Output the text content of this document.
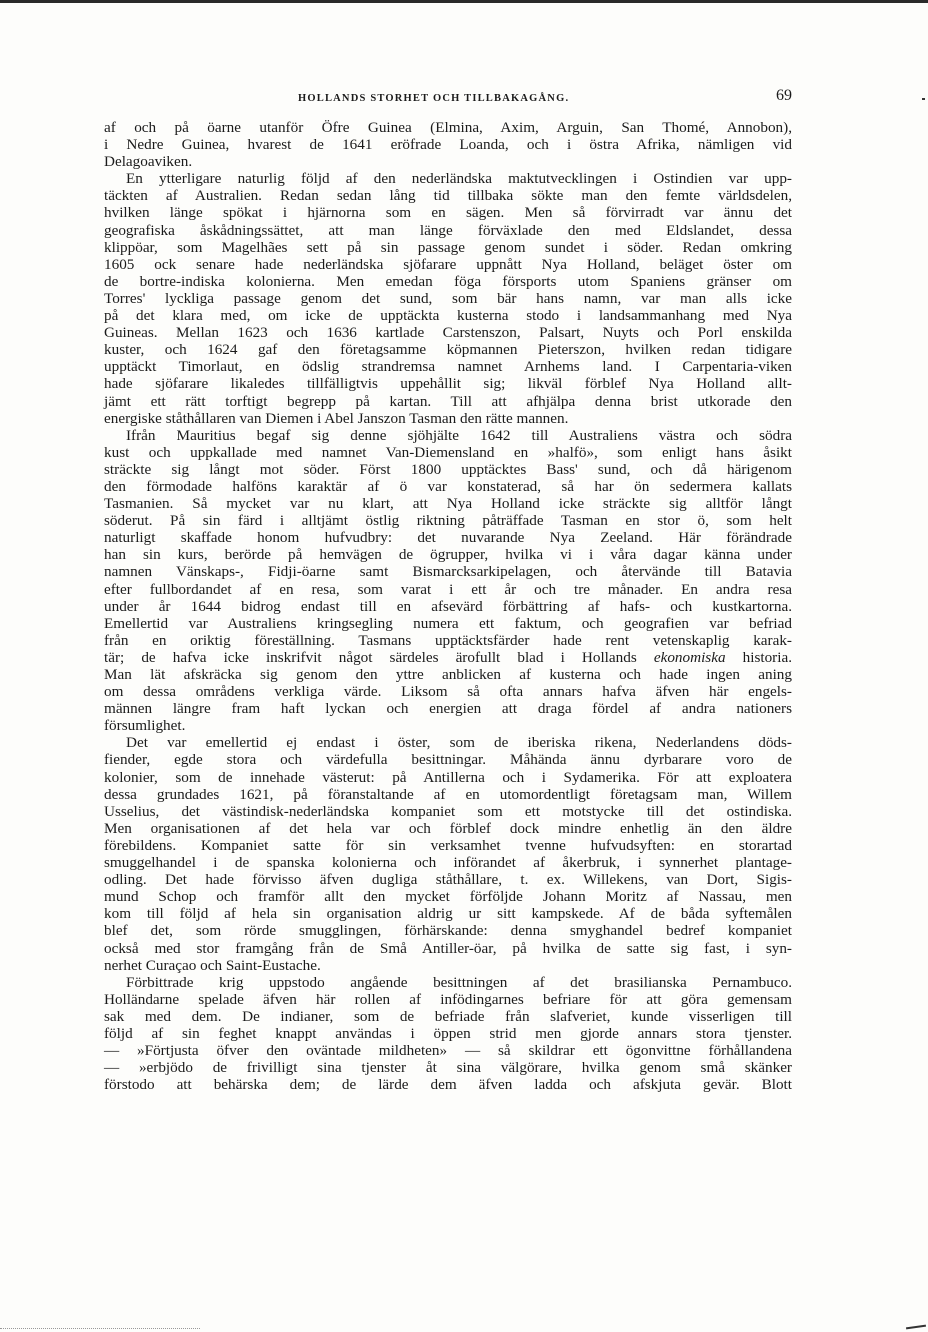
HOLLANDS STORHET OCH TILLBAKAGÅNG.	69
af och på öarne utanför Öfre Guinea (Elmina, Axim, Arguin, San Thomé, Annobon),
i Nedre Guinea, hvarest de 1641 eröfrade Loanda, och i östra Afrika, nämligen vid
Delagoaviken.
En ytterligare naturlig följd af den nederländska maktutvecklingen i Ostindien var upp-
täckten af Australien. Redan sedan lång tid tillbaka sökte man den femte världsdelen,
hvilken länge spökat i hjärnorna som en sägen. Men så förvirradt var ännu det
geografiska åskådningssättet, att man länge förväxlade den med Eldslandet, dessa
klippöar, som Magelhães sett på sin passage genom sundet i söder. Redan omkring
1605 ock senare hade nederländska sjöfarare uppnått Nya Holland, beläget öster om
de bortre-indiska kolonierna. Men emedan föga försports utom Spaniens gränser om
Torres' lyckliga passage genom det sund, som bär hans namn, var man alls icke
på det klara med, om icke de upptäckta kusterna stodo i landsammanhang med Nya
Guineas. Mellan 1623 och 1636 kartlade Carstenszon, Palsart, Nuyts och Porl enskilda
kuster, och 1624 gaf den företagsamme köpmannen Pieterszon, hvilken redan tidigare
upptäckt Timorlaut, en ödslig strandremsa namnet Arnhems land. I Carpentaria-viken
hade sjöfarare likaledes tillfälligtvis uppehållit sig; likväl förblef Nya Holland allt-
jämt ett rätt torftigt begrepp på kartan. Till att afhjälpa denna brist utkorade den
energiske ståthållaren van Diemen i Abel Janszon Tasman den rätte mannen.
Ifrån Mauritius begaf sig denne sjöhjälte 1642 till Australiens västra och södra
kust och uppkallade med namnet Van-Diemensland en »halfö», som enligt hans åsikt
sträckte sig långt mot söder. Först 1800 upptäcktes Bass' sund, och då härigenom
den förmodade halföns karaktär af ö var konstaterad, så har ön sedermera kallats
Tasmanien. Så mycket var nu klart, att Nya Holland icke sträckte sig alltför långt
söderut. På sin färd i alltjämt östlig riktning påträffade Tasman en stor ö, som helt
naturligt skaffade honom hufvudbry: det nuvarande Nya Zeeland. Här förändrade
han sin kurs, berörde på hemvägen de ögrupper, hvilka vi i våra dagar känna under
namnen Vänskaps-, Fidji-öarne samt Bismarcksarkipelagen, och återvände till Batavia
efter fullbordandet af en resa, som varat i ett år och tre månader. En andra resa
under år 1644 bidrog endast till en afsevärd förbättring af hafs- och kustkartorna.
Emellertid var Australiens kringsegling numera ett faktum, och geografien var befriad
från en oriktig föreställning. Tasmans upptäcktsfärder hade rent vetenskaplig karak-
tär; de hafva icke inskrifvit något särdeles ärofullt blad i Hollands ekonomiska historia.
Man lät afskräcka sig genom den yttre anblicken af kusterna och hade ingen aning
om dessa områdens verkliga värde. Liksom så ofta annars hafva äfven här engels-
männen längre fram haft lyckan och energien att draga fördel af andra nationers
försumlighet.
Det var emellertid ej endast i öster, som de iberiska rikena, Nederlandens döds-
fiender, egde stora och värdefulla besittningar. Måhända ännu dyrbarare voro de
kolonier, som de innehade västerut: på Antillerna och i Sydamerika. För att exploatera
dessa grundades 1621, på föranstaltande af en utomordentligt företagsam man, Willem
Usselius, det västindisk-nederländska kompaniet som ett motstycke till det ostindiska.
Men organisationen af det hela var och förblef dock mindre enhetlig än den äldre
förebildens. Kompaniet satte för sin verksamhet tvenne hufvudsyften: en storartad
smuggelhandel i de spanska kolonierna och införandet af åkerbruk, i synnerhet plantage-
odling. Det hade förvisso äfven dugliga ståthållare, t. ex. Willekens, van Dort, Sigis-
mund Schop och framför allt den mycket förföljde Johann Moritz af Nassau, men
kom till följd af hela sin organisation aldrig ur sitt kampskede. Af de båda syftemålen
blef det, som rörde smugglingen, förhärskande: denna smyghandel bedref kompaniet
också med stor framgång från de Små Antiller-öar, på hvilka de satte sig fast, i syn-
nerhet Curaçao och Saint-Eustache.
Förbittrade krig uppstodo angående besittningen af det brasilianska Pernambuco.
Holländarne spelade äfven här rollen af infödingarnes befriare för att göra gemensam
sak med dem. De indianer, som de befriade från slafveriet, kunde visserligen till
följd af sin feghet knappt användas i öppen strid men gjorde annars stora tjenster.
— »Förtjusta öfver den oväntade mildheten» — så skildrar ett ögonvittne förhållandena
— »erbjödo de frivilligt sina tjenster åt sina välgörare, hvilka genom små skänker
förstodo att behärska dem; de lärde dem äfven ladda och afskjuta gevär. Blott
